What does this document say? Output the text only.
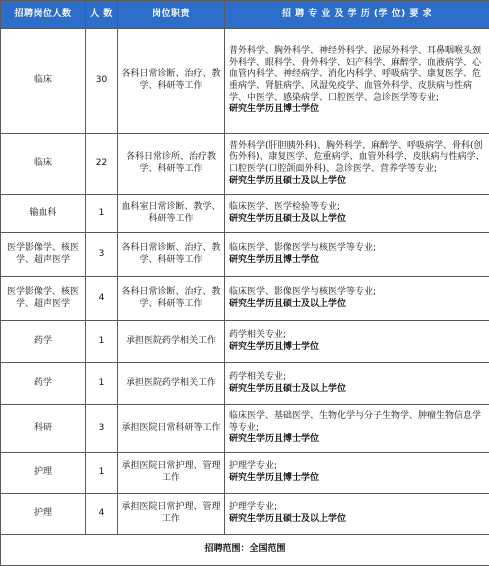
招聘岗位人数	人 数	岗位职责	招 聘 专 业 及 学 历 (学 位) 要 求
临床	30	各科日常诊断、治疗、教学、科研等工作	普外科学、胸外科学、神经外科学、泌尿外科学、耳鼻咽喉头颈外科学、眼科学、骨外科学、妇产科学、麻醉学、血液病学、心血管内科学、神经病学、消化内科学、呼吸病学、康复医学、危重病学、肾脏病学、风湿免疫学、血管外科学、皮肤病与性病学、中医学、感染病学、口腔医学、急诊医学等专业;
研究生学历且博士学位

临床	22	各科日常诊所、治疗教学、科研等工作	普外科学(肝胆胰外科)、胸外科学、麻醉学、呼吸病学、骨科(创伤外科)、康复医学、危重病学、血管外科学、皮肤病与性病学、口腔医学(口腔颌面外科)、急诊医学、营养学等专业;
研究生学历且硕士及以上学位

输血科	1	血科室日常诊断、教学、科研等工作	临床医学、医学检验等专业;
研究生学历且硕士及以上学位

医学影像学、核医学、超声医学	3	各科日常诊断、治疗、教学、科研等工作	临床医学、影像医学与核医学等专业;
研究生学历且博士学位

医学影像学、核医学、超声医学	4	各科日常诊断、治疗、教学、科研等工作	临床医学、影像医学与核医学等专业;
研究生学历且硕士及以上学位

药学	1	承担医院药学相关工作	药学相关专业;
研究生学历且博士学位

药学	1	承担医院药学相关工作	药学相关专业;
研究生学历且硕士及以上学位

科研	3	承担医院日常科研等工作	临床医学、基础医学、生物化学与分子生物学、肿瘤生物信息学等专业;
研究生学历且博士学位

护理	1	承担医院日常护理、管理工作	护理学专业;
研究生学历且博士学位

护理	4	承担医院日常护理、管理工作	护理学专业;
研究生学历且硕士及以上学位

招聘范围：全国范围			
